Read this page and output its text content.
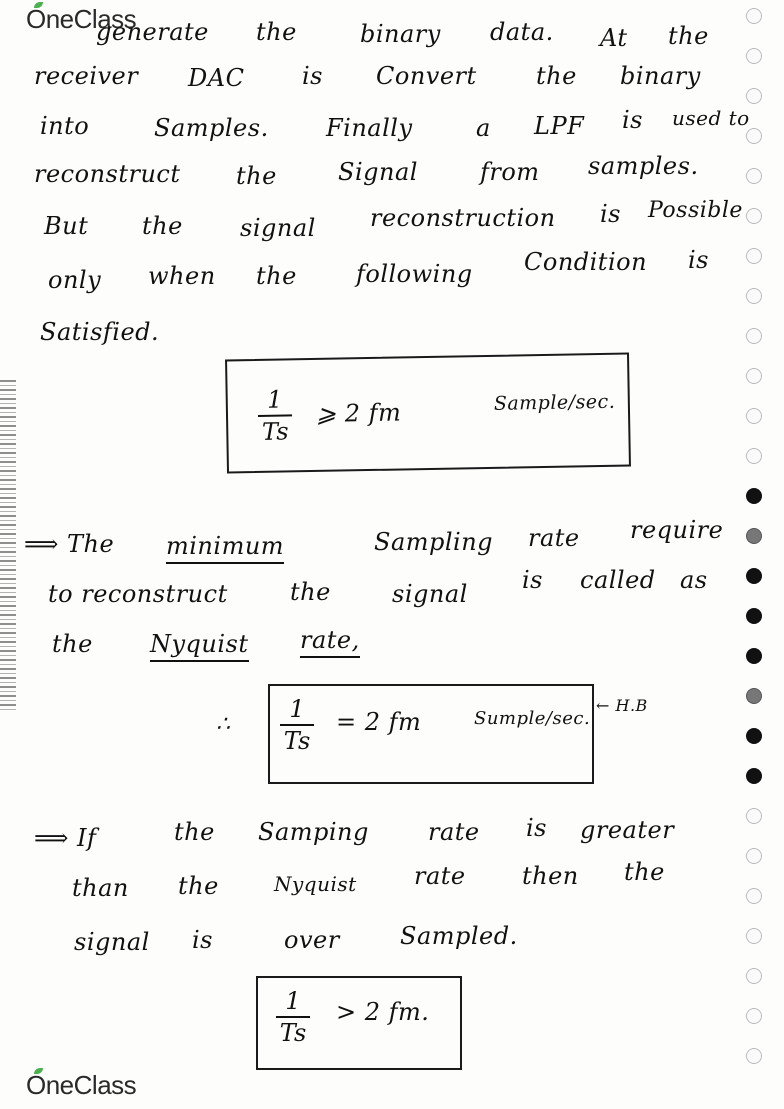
OneClass
generate the	binary data. At the
receiver DAC is Convert the binary
into	Samples. Finally	a LPF is used to
reconstruct the	Signal	from samples.
But the signal reconstruction is Possible
only when the following Condition is
Satisfied.
1
Ts
⩾ 2 fm	Sample/sec.
⟹ The minimum	Sampling rate require
to reconstruct	the	signal is called as
the Nyquist rate,
∴
1
Ts
= 2 fm	Sumple/sec.
← H.B
⟹ If	the Samping rate is greater
than the	Nyquist rate then the
signal is	over	Sampled.
1
Ts
> 2 fm.
OneClass
